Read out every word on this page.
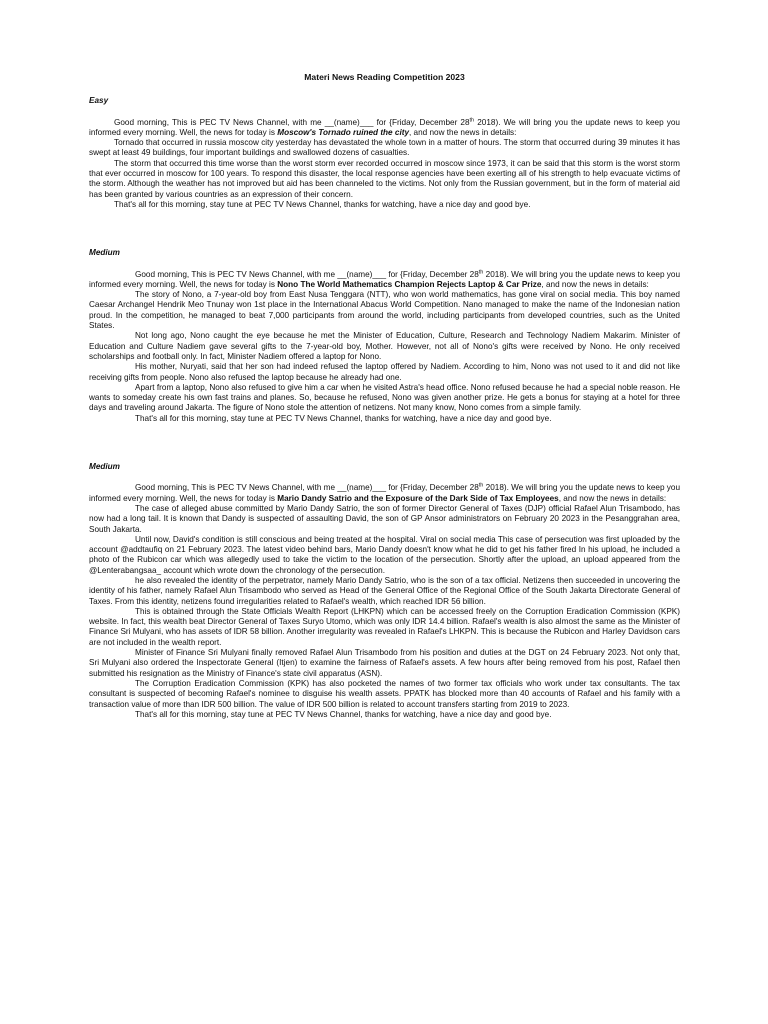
Materi News Reading Competition 2023

Easy

Good morning, This is PEC TV News Channel, with me __(name)___ for {Friday, December 28th 2018). We will bring you the update news to keep you informed every morning. Well, the news for today is Moscow's Tornado ruined the city, and now the news in details:

Tornado that occurred in russia moscow city yesterday has devastated the whole town in a matter of hours. The storm that occurred during 39 minutes it has swept at least 49 buildings, four important buildings and swallowed dozens of casualties.

The storm that occurred this time worse than the worst storm ever recorded occurred in moscow since 1973, it can be said that this storm is the worst storm that ever occurred in moscow for 100 years. To respond this disaster, the local response agencies have been exerting all of his strength to help evacuate victims of the storm. Although the weather has not improved but aid has been channeled to the victims. Not only from the Russian government, but in the form of material aid has been granted by various countries as an expression of their concern.

That's all for this morning, stay tune at PEC TV News Channel, thanks for watching, have a nice day and good bye.

Medium

Good morning, This is PEC TV News Channel, with me __(name)___ for {Friday, December 28th 2018). We will bring you the update news to keep you informed every morning. Well, the news for today is Nono The World Mathematics Champion Rejects Laptop & Car Prize, and now the news in details:

The story of Nono, a 7-year-old boy from East Nusa Tenggara (NTT), who won world mathematics, has gone viral on social media. This boy named Caesar Archangel Hendrik Meo Tnunay won 1st place in the International Abacus World Competition. Nano managed to make the name of the Indonesian nation proud. In the competition, he managed to beat 7,000 participants from around the world, including participants from developed countries, such as the United States.

Not long ago, Nono caught the eye because he met the Minister of Education, Culture, Research and Technology Nadiem Makarim. Minister of Education and Culture Nadiem gave several gifts to the 7-year-old boy, Mother. However, not all of Nono's gifts were received by Nono. He only received scholarships and football only. In fact, Minister Nadiem offered a laptop for Nono.

His mother, Nuryati, said that her son had indeed refused the laptop offered by Nadiem. According to him, Nono was not used to it and did not like receiving gifts from people. Nono also refused the laptop because he already had one.

Apart from a laptop, Nono also refused to give him a car when he visited Astra's head office. Nono refused because he had a special noble reason. He wants to someday create his own fast trains and planes. So, because he refused, Nono was given another prize. He gets a bonus for staying at a hotel for three days and traveling around Jakarta. The figure of Nono stole the attention of netizens. Not many know, Nono comes from a simple family.

That's all for this morning, stay tune at PEC TV News Channel, thanks for watching, have a nice day and good bye.

Medium

Good morning, This is PEC TV News Channel, with me __(name)___ for {Friday, December 28th 2018). We will bring you the update news to keep you informed every morning. Well, the news for today is Mario Dandy Satrio and the Exposure of the Dark Side of Tax Employees, and now the news in details:

The case of alleged abuse committed by Mario Dandy Satrio, the son of former Director General of Taxes (DJP) official Rafael Alun Trisambodo, has now had a long tail. It is known that Dandy is suspected of assaulting David, the son of GP Ansor administrators on February 20 2023 in the Pesanggrahan area, South Jakarta.

Until now, David's condition is still conscious and being treated at the hospital. Viral on social media This case of persecution was first uploaded by the account @addtaufiq on 21 February 2023. The latest video behind bars, Mario Dandy doesn't know what he did to get his father fired In his upload, he included a photo of the Rubicon car which was allegedly used to take the victim to the location of the persecution. Shortly after the upload, an upload appeared from the @Lenterabangsaa_ account which wrote down the chronology of the persecution.

he also revealed the identity of the perpetrator, namely Mario Dandy Satrio, who is the son of a tax official. Netizens then succeeded in uncovering the identity of his father, namely Rafael Alun Trisambodo who served as Head of the General Office of the Regional Office of the South Jakarta Directorate General of Taxes. From this identity, netizens found irregularities related to Rafael's wealth, which reached IDR 56 billion.

This is obtained through the State Officials Wealth Report (LHKPN) which can be accessed freely on the Corruption Eradication Commission (KPK) website. In fact, this wealth beat Director General of Taxes Suryo Utomo, which was only IDR 14.4 billion. Rafael's wealth is also almost the same as the Minister of Finance Sri Mulyani, who has assets of IDR 58 billion. Another irregularity was revealed in Rafael's LHKPN. This is because the Rubicon and Harley Davidson cars are not included in the wealth report.

Minister of Finance Sri Mulyani finally removed Rafael Alun Trisambodo from his position and duties at the DGT on 24 February 2023. Not only that, Sri Mulyani also ordered the Inspectorate General (Itjen) to examine the fairness of Rafael's assets. A few hours after being removed from his post, Rafael then submitted his resignation as the Ministry of Finance's state civil apparatus (ASN).

The Corruption Eradication Commission (KPK) has also pocketed the names of two former tax officials who work under tax consultants. The tax consultant is suspected of becoming Rafael's nominee to disguise his wealth assets. PPATK has blocked more than 40 accounts of Rafael and his family with a transaction value of more than IDR 500 billion. The value of IDR 500 billion is related to account transfers starting from 2019 to 2023.

That's all for this morning, stay tune at PEC TV News Channel, thanks for watching, have a nice day and good bye.
